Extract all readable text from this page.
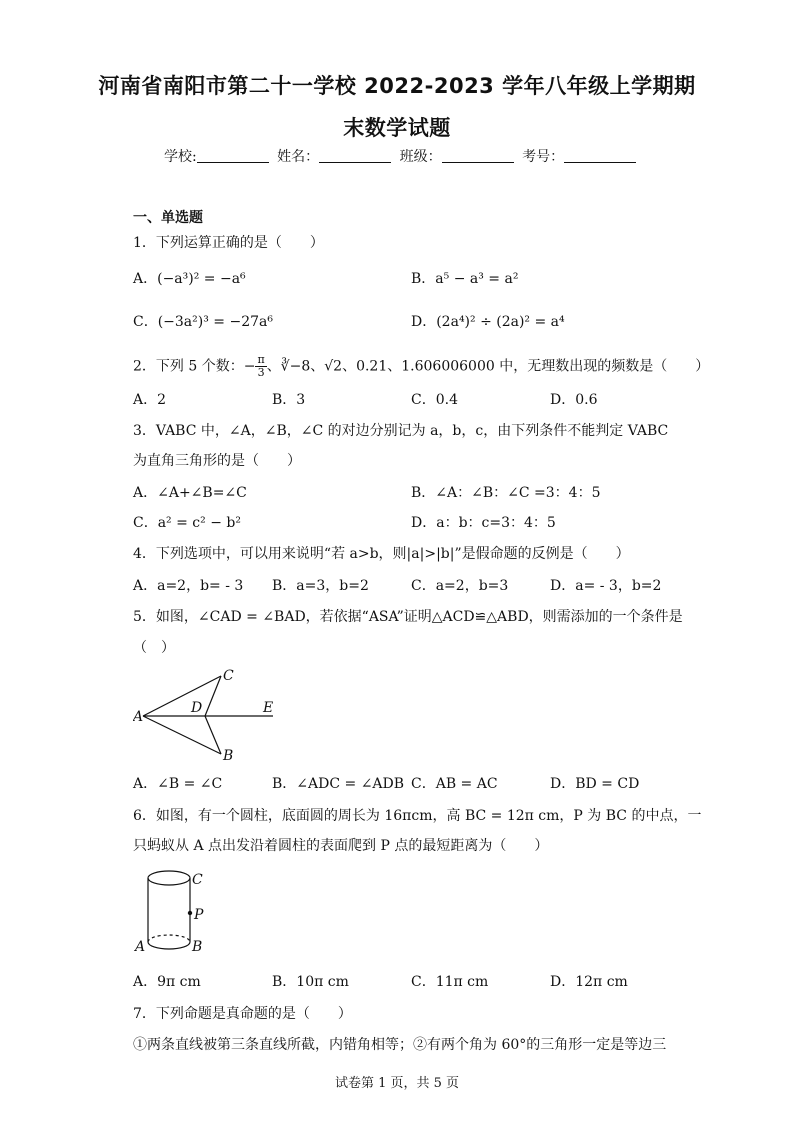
河南省南阳市第二十一学校 2022-2023 学年八年级上学期期
末数学试题
学校:	姓名：	班级：	考号：
一、单选题
1．下列运算正确的是（　　）
A．(−a³)² = −a⁶	B．a⁵ − a³ = a²
C．(−3a²)³ = −27a⁶	D．(2a⁴)² ÷ (2a)² = a⁴
2．下列 5 个数：− $\frac{\pi}{3}$ 、∛−8、√2、0.21、1.606006000 中，无理数出现的频数是（　　）
A．2	B．3	C．0.4	D．0.6
3．VABC 中，∠A，∠B，∠C 的对边分别记为 a，b，c，由下列条件不能判定 VABC
为直角三角形的是（　　）
A．∠A+∠B=∠C	B．∠A：∠B：∠C =3：4：5
C．a² = c² − b²	D．a：b：c=3：4：5
4．下列选项中，可以用来说明“若 a>b，则|a|>|b|”是假命题的反例是（　　）
A．a=2，b= - 3 B．a=3，b=2	C．a=2，b=3	D．a= - 3，b=2
5．如图，∠CAD = ∠BAD，若依据“ASA”证明△ACD≌△ABD，则需添加的一个条件是
（　）
A
C
D	E
B
A．∠B = ∠C	B．∠ADC = ∠ADB C．AB = AC	D．BD = CD
6．如图，有一个圆柱，底面圆的周长为 16πcm，高 BC = 12π cm，P 为 BC 的中点，一
只蚂蚁从 A 点出发沿着圆柱的表面爬到 P 点的最短距离为（　　）
C
P
A	B
A．9π cm	B．10π cm	C．11π cm	D．12π cm
7．下列命题是真命题的是（　　）
①两条直线被第三条直线所截，内错角相等；②有两个角为 60°的三角形一定是等边三
试卷第 1 页，共 5 页
